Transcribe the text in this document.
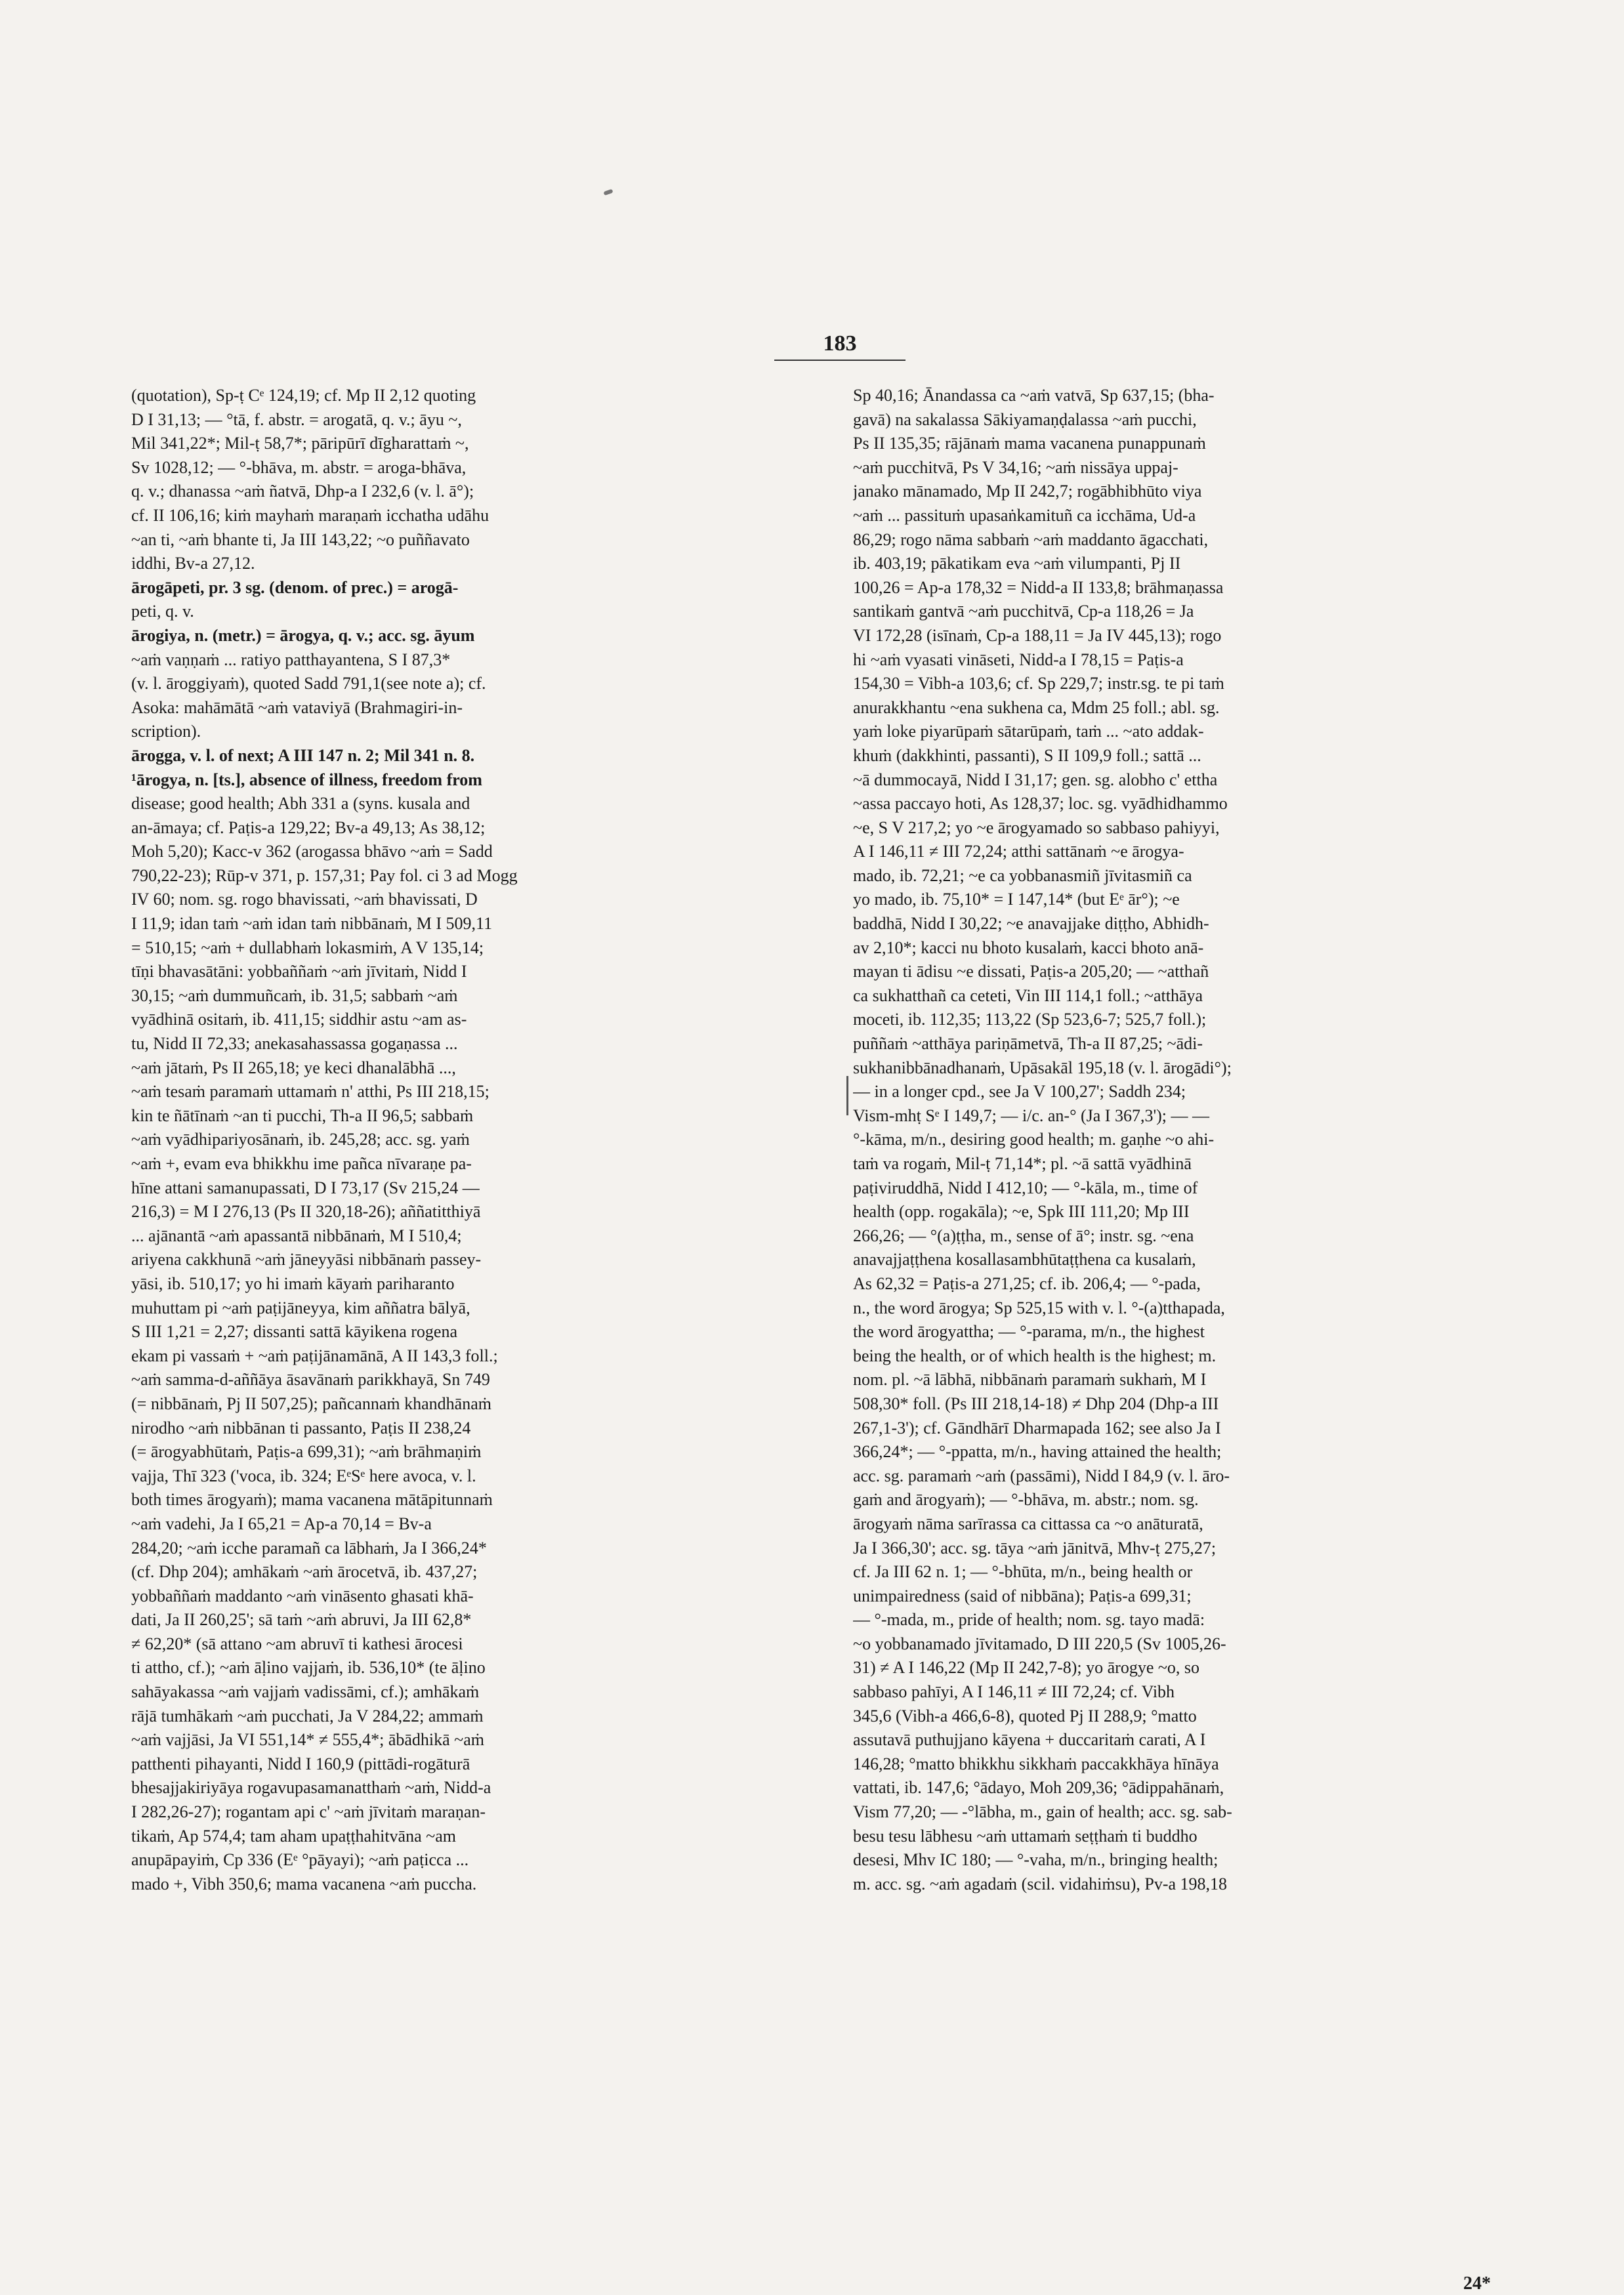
183
(quotation), Sp-ṭ Cᵉ 124,19; cf. Mp II 2,12 quoting
D I 31,13; — °tā, f. abstr. = arogatā, q. v.; āyu ~,
Mil 341,22*; Mil-ṭ 58,7*; pāripūrī dīgharattaṁ ~,
Sv 1028,12; — °-bhāva, m. abstr. = aroga-bhāva,
q. v.; dhanassa ~aṁ ñatvā, Dhp-a I 232,6 (v. l. ā°);
cf. II 106,16; kiṁ mayhaṁ maraṇaṁ icchatha udāhu
~an ti, ~aṁ bhante ti, Ja III 143,22; ~o puññavato
iddhi, Bv-a 27,12.
ārogāpeti, pr. 3 sg. (denom. of prec.) = arogā-
peti, q. v.
ārogiya, n. (metr.) = ārogya, q. v.; acc. sg. āyum
~aṁ vaṇṇaṁ ... ratiyo patthayantena, S I 87,3*
(v. l. āroggiyaṁ), quoted Sadd 791,1(see note a); cf.
Asoka: mahāmātā ~aṁ vataviyā (Brahmagiri-in-
scription).
ārogga, v. l. of next; A III 147 n. 2; Mil 341 n. 8.
¹ārogya, n. [ts.], absence of illness, freedom from
disease; good health; Abh 331 a (syns. kusala and
an-āmaya; cf. Paṭis-a 129,22; Bv-a 49,13; As 38,12;
Moh 5,20); Kacc-v 362 (arogassa bhāvo ~aṁ = Sadd
790,22-23); Rūp-v 371, p. 157,31; Pay fol. ci 3 ad Mogg
IV 60; nom. sg. rogo bhavissati, ~aṁ bhavissati, D
I 11,9; idan taṁ ~aṁ idan taṁ nibbānaṁ, M I 509,11
= 510,15; ~aṁ + dullabhaṁ lokasmiṁ, A V 135,14;
tīṇi bhavasātāni: yobbaññaṁ ~aṁ jīvitaṁ, Nidd I
30,15; ~aṁ dummuñcaṁ, ib. 31,5; sabbaṁ ~aṁ
vyādhinā ositaṁ, ib. 411,15; siddhir astu ~am as-
tu, Nidd II 72,33; anekasahassassa gogaṇassa ...
~aṁ jātaṁ, Ps II 265,18; ye keci dhanalābhā ...,
~aṁ tesaṁ paramaṁ uttamaṁ n' atthi, Ps III 218,15;
kin te ñātīnaṁ ~an ti pucchi, Th-a II 96,5; sabbaṁ
~aṁ vyādhipariyosānaṁ, ib. 245,28; acc. sg. yaṁ
~aṁ +, evam eva bhikkhu ime pañca nīvaraṇe pa-
hīne attani samanupassati, D I 73,17 (Sv 215,24 —
216,3) = M I 276,13 (Ps II 320,18-26); aññatitthiyā
... ajānantā ~aṁ apassantā nibbānaṁ, M I 510,4;
ariyena cakkhunā ~aṁ jāneyyāsi nibbānaṁ passey-
yāsi, ib. 510,17; yo hi imaṁ kāyaṁ pariharanto
muhuttam pi ~aṁ paṭijāneyya, kim aññatra bālyā,
S III 1,21 = 2,27; dissanti sattā kāyikena rogena
ekam pi vassaṁ + ~aṁ paṭijānamānā, A II 143,3 foll.;
~aṁ samma-d-aññāya āsavānaṁ parikkhayā, Sn 749
(= nibbānaṁ, Pj II 507,25); pañcannaṁ khandhānaṁ
nirodho ~aṁ nibbānan ti passanto, Paṭis II 238,24
(= ārogyabhūtaṁ, Paṭis-a 699,31); ~aṁ brāhmaṇiṁ
vajja, Thī 323 ('voca, ib. 324; EᵉSᵉ here avoca, v. l.
both times ārogyaṁ); mama vacanena mātāpitunnaṁ
~aṁ vadehi, Ja I 65,21 = Ap-a 70,14 = Bv-a
284,20; ~aṁ icche paramañ ca lābhaṁ, Ja I 366,24*
(cf. Dhp 204); amhākaṁ ~aṁ ārocetvā, ib. 437,27;
yobbaññaṁ maddanto ~aṁ vināsento ghasati khā-
dati, Ja II 260,25'; sā taṁ ~aṁ abruvi, Ja III 62,8*
≠ 62,20* (sā attano ~am abruvī ti kathesi ārocesi
ti attho, cf.); ~aṁ āḷino vajjaṁ, ib. 536,10* (te āḷino
sahāyakassa ~aṁ vajjaṁ vadissāmi, cf.); amhākaṁ
rājā tumhākaṁ ~aṁ pucchati, Ja V 284,22; ammaṁ
~aṁ vajjāsi, Ja VI 551,14* ≠ 555,4*; ābādhikā ~aṁ
patthenti pihayanti, Nidd I 160,9 (pittādi-rogāturā
bhesajjakiriyāya rogavupasamanatthaṁ ~aṁ, Nidd-a
I 282,26-27); rogantam api c' ~aṁ jīvitaṁ maraṇan-
tikaṁ, Ap 574,4; tam aham upaṭṭhahitvāna ~am
anupāpayiṁ, Cp 336 (Eᵉ °pāyayi); ~aṁ paṭicca ...
mado +, Vibh 350,6; mama vacanena ~aṁ puccha.
Sp 40,16; Ānandassa ca ~aṁ vatvā, Sp 637,15; (bha-
gavā) na sakalassa Sākiyamaṇḍalassa ~aṁ pucchi,
Ps II 135,35; rājānaṁ mama vacanena punappunaṁ
~aṁ pucchitvā, Ps V 34,16; ~aṁ nissāya uppaj-
janako mānamado, Mp II 242,7; rogābhibhūto viya
~aṁ ... passituṁ upasaṅkamituñ ca icchāma, Ud-a
86,29; rogo nāma sabbaṁ ~aṁ maddanto āgacchati,
ib. 403,19; pākatikam eva ~aṁ vilumpanti, Pj II
100,26 = Ap-a 178,32 = Nidd-a II 133,8; brāhmaṇassa
santikaṁ gantvā ~aṁ pucchitvā, Cp-a 118,26 = Ja
VI 172,28 (isīnaṁ, Cp-a 188,11 = Ja IV 445,13); rogo
hi ~aṁ vyasati vināseti, Nidd-a I 78,15 = Paṭis-a
154,30 = Vibh-a 103,6; cf. Sp 229,7; instr.sg. te pi taṁ
anurakkhantu ~ena sukhena ca, Mdm 25 foll.; abl. sg.
yaṁ loke piyarūpaṁ sātarūpaṁ, taṁ ... ~ato addak-
khuṁ (dakkhinti, passanti), S II 109,9 foll.; sattā ...
~ā dummocayā, Nidd I 31,17; gen. sg. alobho c' ettha
~assa paccayo hoti, As 128,37; loc. sg. vyādhidhammo
~e, S V 217,2; yo ~e ārogyamado so sabbaso pahiyyi,
A I 146,11 ≠ III 72,24; atthi sattānaṁ ~e ārogya-
mado, ib. 72,21; ~e ca yobbanasmiñ jīvitasmiñ ca
yo mado, ib. 75,10* = I 147,14* (but Eᵉ ār°); ~e
baddhā, Nidd I 30,22; ~e anavajjake diṭṭho, Abhidh-
av 2,10*; kacci nu bhoto kusalaṁ, kacci bhoto anā-
mayan ti ādisu ~e dissati, Paṭis-a 205,20; — ~atthañ
ca sukhatthañ ca ceteti, Vin III 114,1 foll.; ~atthāya
moceti, ib. 112,35; 113,22 (Sp 523,6-7; 525,7 foll.);
puññaṁ ~atthāya pariṇāmetvā, Th-a II 87,25; ~ādi-
sukhanibbānadhanaṁ, Upāsakāl 195,18 (v. l. ārogādi°);
— in a longer cpd., see Ja V 100,27'; Saddh 234;
Vism-mhṭ Sᵉ I 149,7; — i/c. an-° (Ja I 367,3'); — —
°-kāma, m/n., desiring good health; m. gaṇhe ~o ahi-
taṁ va rogaṁ, Mil-ṭ 71,14*; pl. ~ā sattā vyādhinā
paṭiviruddhā, Nidd I 412,10; — °-kāla, m., time of
health (opp. rogakāla); ~e, Spk III 111,20; Mp III
266,26; — °(a)ṭṭha, m., sense of ā°; instr. sg. ~ena
anavajjaṭṭhena kosallasambhūtaṭṭhena ca kusalaṁ,
As 62,32 = Paṭis-a 271,25; cf. ib. 206,4; — °-pada,
n., the word ārogya; Sp 525,15 with v. l. °-(a)tthapada,
the word ārogyattha; — °-parama, m/n., the highest
being the health, or of which health is the highest; m.
nom. pl. ~ā lābhā, nibbānaṁ paramaṁ sukhaṁ, M I
508,30* foll. (Ps III 218,14-18) ≠ Dhp 204 (Dhp-a III
267,1-3'); cf. Gāndhārī Dharmapada 162; see also Ja I
366,24*; — °-ppatta, m/n., having attained the health;
acc. sg. paramaṁ ~aṁ (passāmi), Nidd I 84,9 (v. l. āro-
gaṁ and ārogyaṁ); — °-bhāva, m. abstr.; nom. sg.
ārogyaṁ nāma sarīrassa ca cittassa ca ~o anāturatā,
Ja I 366,30'; acc. sg. tāya ~aṁ jānitvā, Mhv-ṭ 275,27;
cf. Ja III 62 n. 1; — °-bhūta, m/n., being health or
unimpairedness (said of nibbāna); Paṭis-a 699,31;
— °-mada, m., pride of health; nom. sg. tayo madā:
~o yobbanamado jīvitamado, D III 220,5 (Sv 1005,26-
31) ≠ A I 146,22 (Mp II 242,7-8); yo ārogye ~o, so
sabbaso pahīyi, A I 146,11 ≠ III 72,24; cf. Vibh
345,6 (Vibh-a 466,6-8), quoted Pj II 288,9; °matto
assutavā puthujjano kāyena + duccaritaṁ carati, A I
146,28; °matto bhikkhu sikkhaṁ paccakkhāya hīnāya
vattati, ib. 147,6; °ādayo, Moh 209,36; °ādippahānaṁ,
Vism 77,20; — -°lābha, m., gain of health; acc. sg. sab-
besu tesu lābhesu ~aṁ uttamaṁ seṭṭhaṁ ti buddho
desesi, Mhv IC 180; — °-vaha, m/n., bringing health;
m. acc. sg. ~aṁ agadaṁ (scil. vidahiṁsu), Pv-a 198,18
24*
